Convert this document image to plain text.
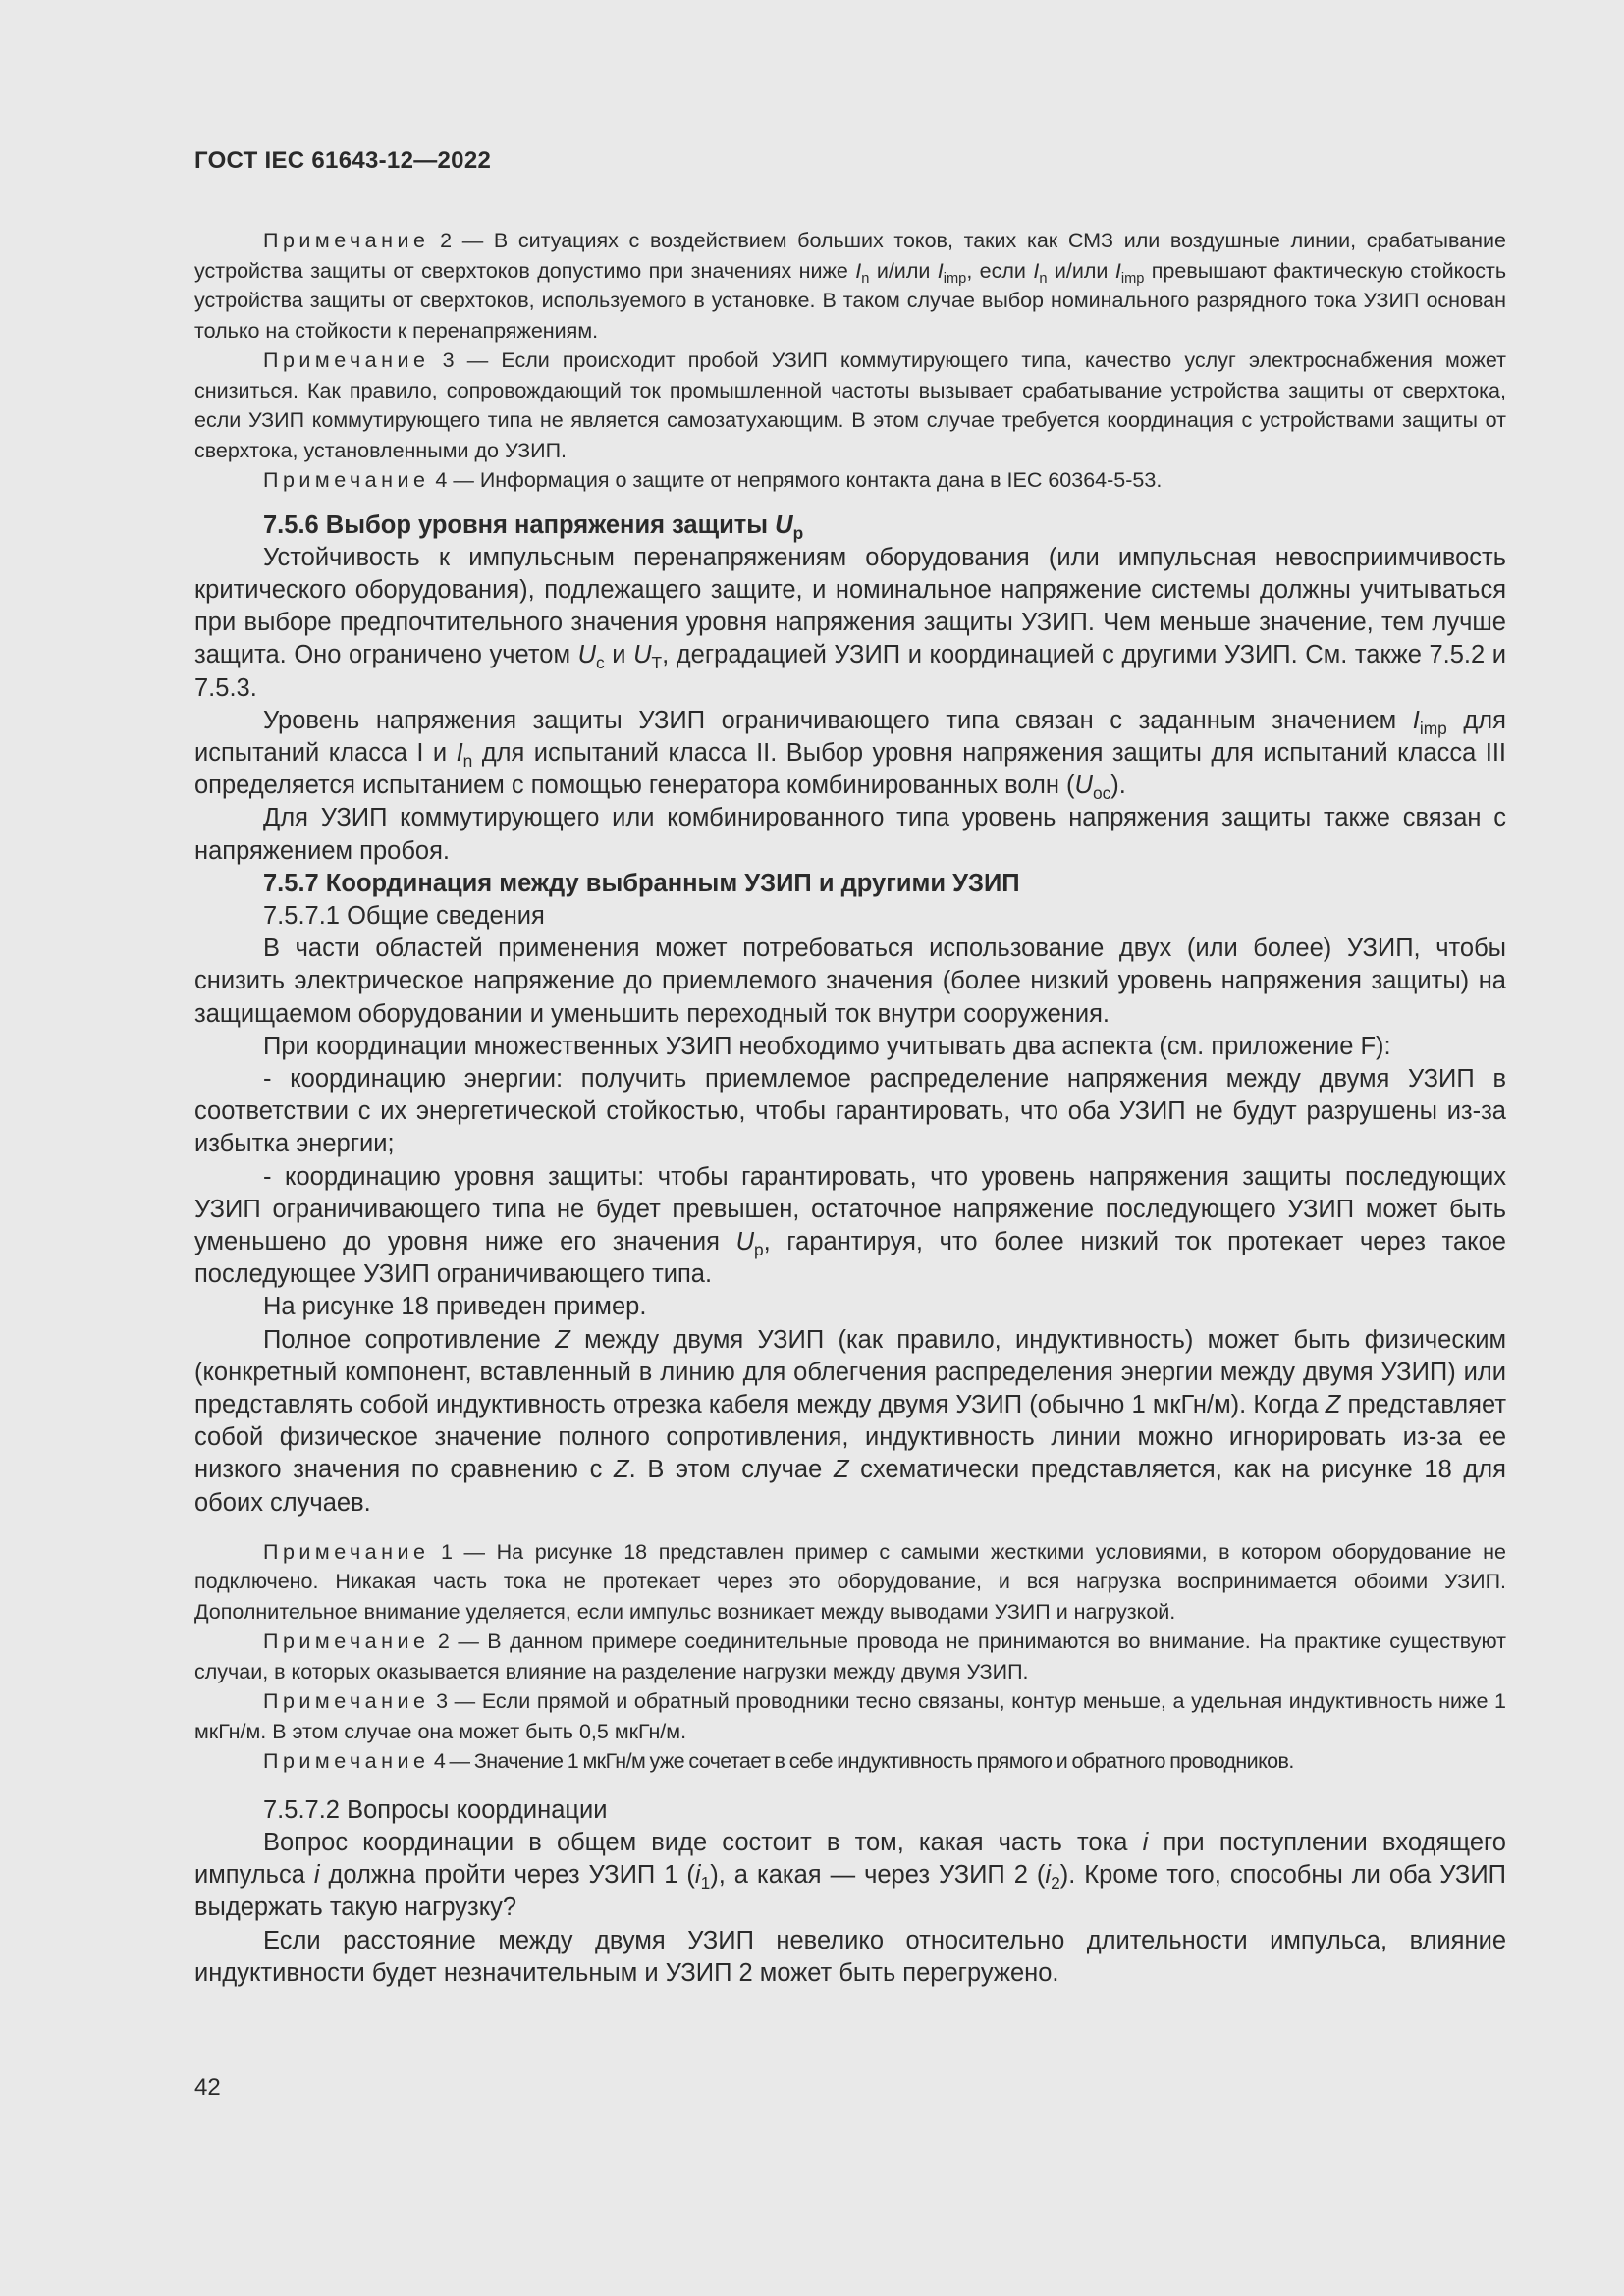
ГОСТ IEC 61643-12—2022

Примечание 2 — В ситуациях с воздействием больших токов, таких как СМЗ или воздушные линии, срабатывание устройства защиты от сверхтоков допустимо при значениях ниже $I_n$ и/или $I_{imp}$, если $I_n$ и/или $I_{imp}$ превышают фактическую стойкость устройства защиты от сверхтоков, используемого в установке. В таком случае выбор номинального разрядного тока УЗИП основан только на стойкости к перенапряжениям.

Примечание 3 — Если происходит пробой УЗИП коммутирующего типа, качество услуг электроснабжения может снизиться. Как правило, сопровождающий ток промышленной частоты вызывает срабатывание устройства защиты от сверхтока, если УЗИП коммутирующего типа не является самозатухающим. В этом случае требуется координация с устройствами защиты от сверхтока, установленными до УЗИП.

Примечание 4 — Информация о защите от непрямого контакта дана в IEC 60364-5-53.

7.5.6 Выбор уровня напряжения защиты $U_p$

Устойчивость к импульсным перенапряжениям оборудования (или импульсная невосприимчивость критического оборудования), подлежащего защите, и номинальное напряжение системы должны учитываться при выборе предпочтительного значения уровня напряжения защиты УЗИП. Чем меньше значение, тем лучше защита. Оно ограничено учетом $U_c$ и $U_T$, деградацией УЗИП и координацией с другими УЗИП. См. также 7.5.2 и 7.5.3.

Уровень напряжения защиты УЗИП ограничивающего типа связан с заданным значением $I_{imp}$ для испытаний класса I и $I_n$ для испытаний класса II. Выбор уровня напряжения защиты для испытаний класса III определяется испытанием с помощью генератора комбинированных волн $(U_{oc})$.

Для УЗИП коммутирующего или комбинированного типа уровень напряжения защиты также связан с напряжением пробоя.

7.5.7 Координация между выбранным УЗИП и другими УЗИП

7.5.7.1 Общие сведения

В части областей применения может потребоваться использование двух (или более) УЗИП, чтобы снизить электрическое напряжение до приемлемого значения (более низкий уровень напряжения защиты) на защищаемом оборудовании и уменьшить переходный ток внутри сооружения.

При координации множественных УЗИП необходимо учитывать два аспекта (см. приложение F):

- координацию энергии: получить приемлемое распределение напряжения между двумя УЗИП в соответствии с их энергетической стойкостью, чтобы гарантировать, что оба УЗИП не будут разрушены из-за избытка энергии;

- координацию уровня защиты: чтобы гарантировать, что уровень напряжения защиты последующих УЗИП ограничивающего типа не будет превышен, остаточное напряжение последующего УЗИП может быть уменьшено до уровня ниже его значения $U_p$, гарантируя, что более низкий ток протекает через такое последующее УЗИП ограничивающего типа.

На рисунке 18 приведен пример.

Полное сопротивление Z между двумя УЗИП (как правило, индуктивность) может быть физическим (конкретный компонент, вставленный в линию для облегчения распределения энергии между двумя УЗИП) или представлять собой индуктивность отрезка кабеля между двумя УЗИП (обычно 1 мкГн/м). Когда Z представляет собой физическое значение полного сопротивления, индуктивность линии можно игнорировать из-за ее низкого значения по сравнению с Z. В этом случае Z схематически представляется, как на рисунке 18 для обоих случаев.

Примечание 1 — На рисунке 18 представлен пример с самыми жесткими условиями, в котором оборудование не подключено. Никакая часть тока не протекает через это оборудование, и вся нагрузка воспринимается обоими УЗИП. Дополнительное внимание уделяется, если импульс возникает между выводами УЗИП и нагрузкой.

Примечание 2 — В данном примере соединительные провода не принимаются во внимание. На практике существуют случаи, в которых оказывается влияние на разделение нагрузки между двумя УЗИП.

Примечание 3 — Если прямой и обратный проводники тесно связаны, контур меньше, а удельная индуктивность ниже 1 мкГн/м. В этом случае она может быть 0,5 мкГн/м.

Примечание 4 — Значение 1 мкГн/м уже сочетает в себе индуктивность прямого и обратного проводников.

7.5.7.2 Вопросы координации

Вопрос координации в общем виде состоит в том, какая часть тока i при поступлении входящего импульса i должна пройти через УЗИП 1 $(i_1)$, а какая — через УЗИП 2 $(i_2)$. Кроме того, способны ли оба УЗИП выдержать такую нагрузку?

Если расстояние между двумя УЗИП невелико относительно длительности импульса, влияние индуктивности будет незначительным и УЗИП 2 может быть перегружено.

42
